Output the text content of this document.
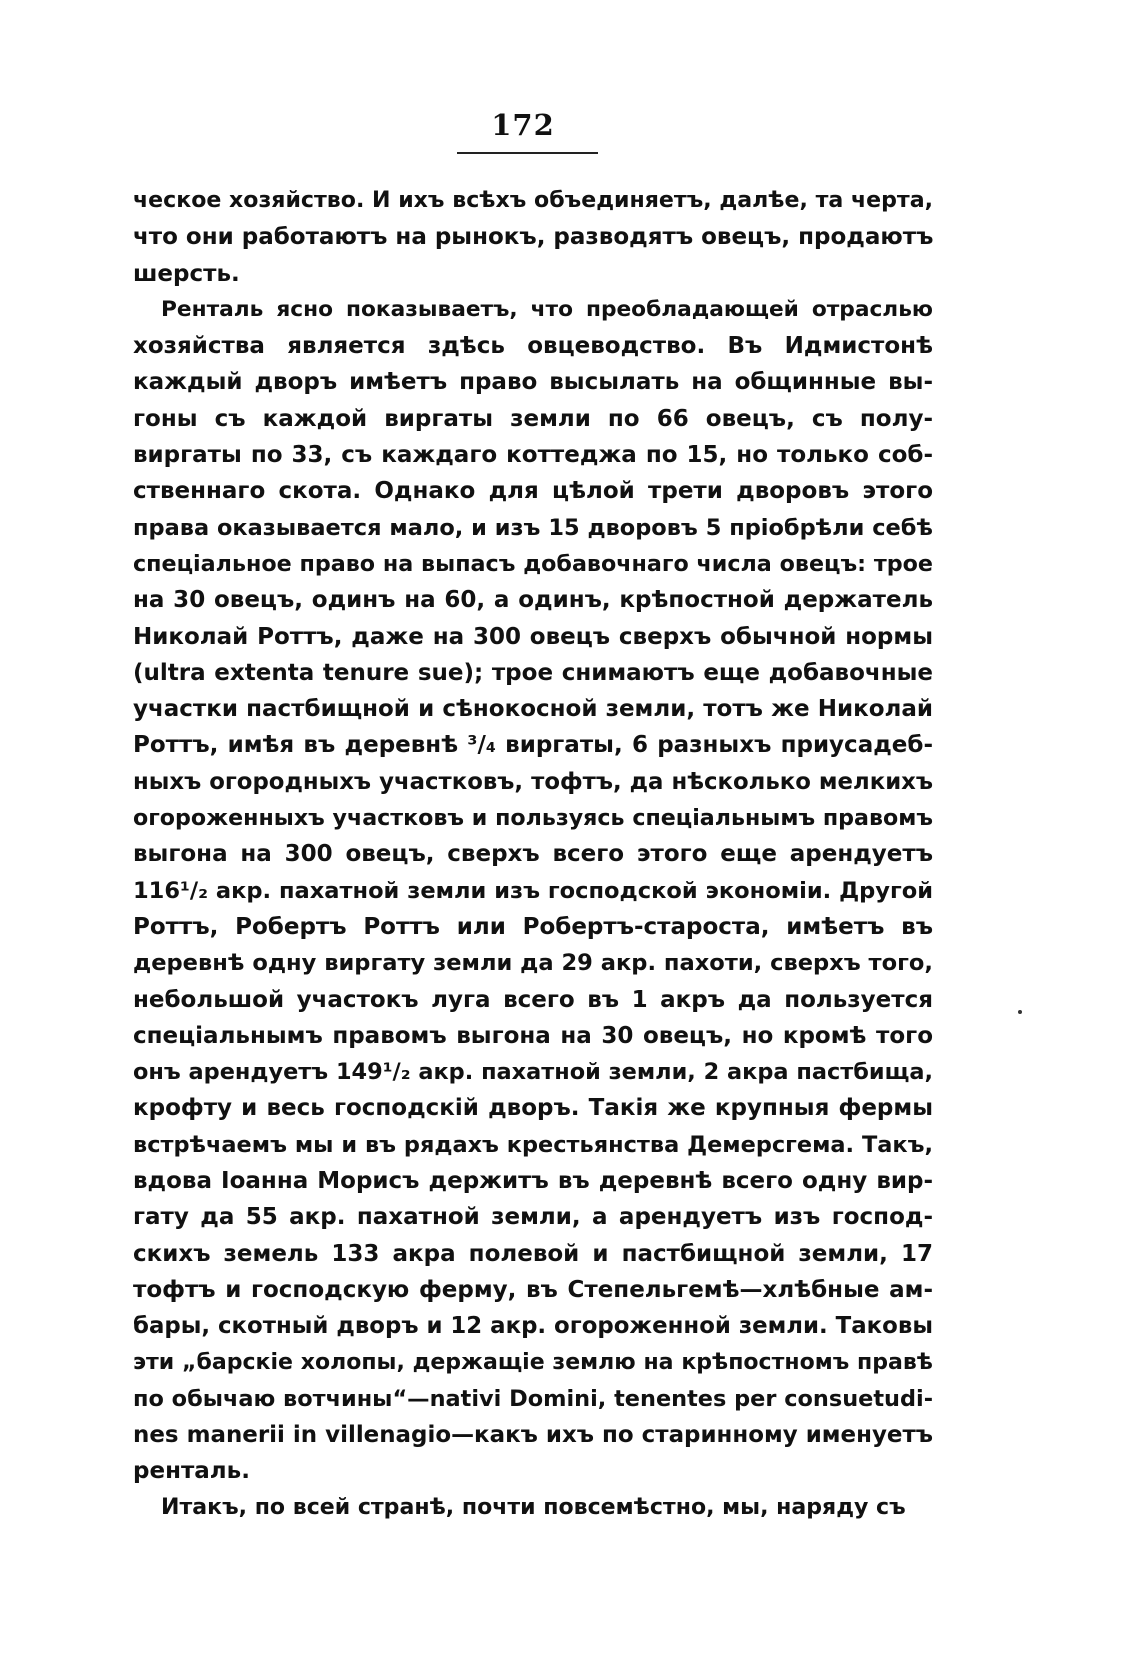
172
ческое хозяйство. И ихъ всѣхъ объединяетъ, далѣе, та черта,
что они работаютъ на рынокъ, разводятъ овецъ, продаютъ
шерсть.
Ренталь ясно показываетъ, что преобладающей отраслью
хозяйства является здѣсь овцеводство. Въ Идмистонѣ
каждый дворъ имѣетъ право высылать на общинные вы-
гоны съ каждой виргаты земли по 66 овецъ, съ полу-
виргаты по 33, съ каждаго коттеджа по 15, но только соб-
ственнаго скота. Однако для цѣлой трети дворовъ этого
права оказывается мало, и изъ 15 дворовъ 5 пріобрѣли себѣ
спеціальное право на выпасъ добавочнаго числа овецъ: трое
на 30 овецъ, одинъ на 60, а одинъ, крѣпостной держатель
Николай Роттъ, даже на 300 овецъ сверхъ обычной нормы
(ultra extenta tenure sue); трое снимаютъ еще добавочные
участки пастбищной и сѣнокосной земли, тотъ же Николай
Роттъ, имѣя въ деревнѣ ³/₄ виргаты, 6 разныхъ приусадеб-
ныхъ огородныхъ участковъ, тофтъ, да нѣсколько мелкихъ
огороженныхъ участковъ и пользуясь спеціальнымъ правомъ
выгона на 300 овецъ, сверхъ всего этого еще арендуетъ
116¹/₂ акр. пахатной земли изъ господской экономіи. Другой
Роттъ, Робертъ Роттъ или Робертъ-староста, имѣетъ въ
деревнѣ одну виргату земли да 29 акр. пахоти, сверхъ того,
небольшой участокъ луга всего въ 1 акръ да пользуется
спеціальнымъ правомъ выгона на 30 овецъ, но кромѣ того
онъ арендуетъ 149¹/₂ акр. пахатной земли, 2 акра пастбища,
крофту и весь господскій дворъ. Такія же крупныя фермы
встрѣчаемъ мы и въ рядахъ крестьянства Демерсгема. Такъ,
вдова Іоанна Морисъ держитъ въ деревнѣ всего одну вир-
гату да 55 акр. пахатной земли, а арендуетъ изъ господ-
скихъ земель 133 акра полевой и пастбищной земли, 17
тофтъ и господскую ферму, въ Степельгемѣ—хлѣбные ам-
бары, скотный дворъ и 12 акр. огороженной земли. Таковы
эти „барскіе холопы, держащіе землю на крѣпостномъ правѣ
по обычаю вотчины“—nativi Domini, tenentes per consuetudi-
nes manerii in villenagio—какъ ихъ по старинному именуетъ
ренталь.
Итакъ, по всей странѣ, почти повсемѣстно, мы, наряду съ
